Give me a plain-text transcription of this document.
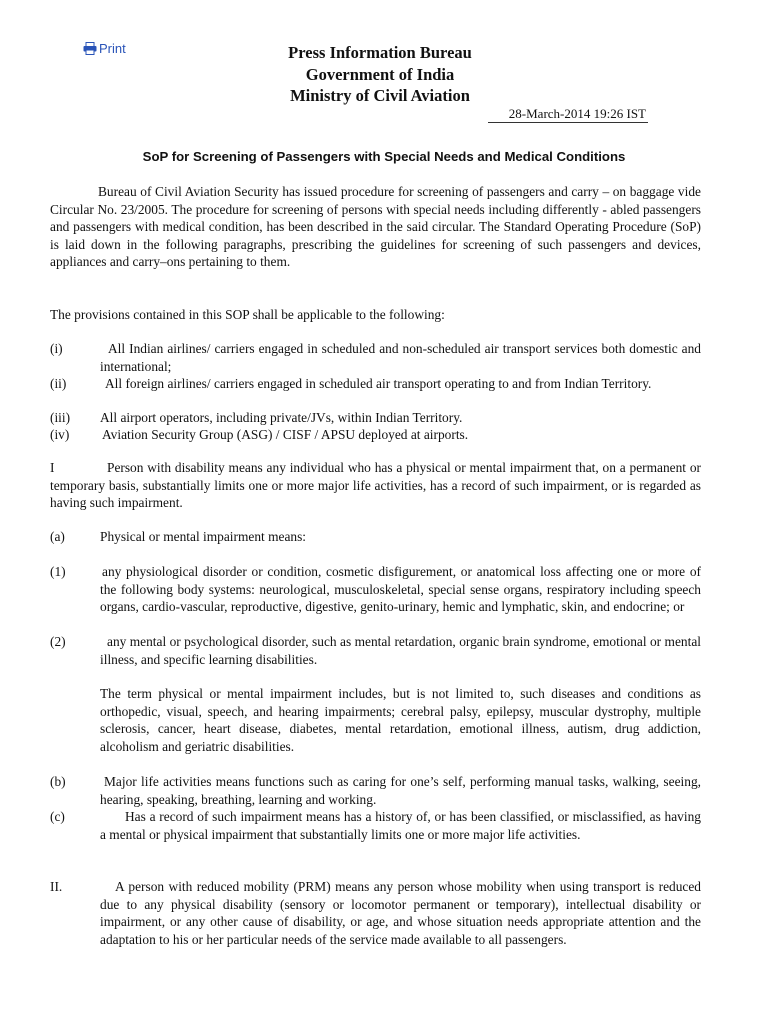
Print	Press Information Bureau
Government of India
Ministry of Civil Aviation
28-March-2014 19:26 IST
SoP for Screening of Passengers with Special Needs and Medical Conditions
Bureau of Civil Aviation Security has issued procedure for screening of passengers and carry – on baggage vide Circular No. 23/2005. The procedure for screening of persons with special needs including differently - abled passengers and passengers with medical condition, has been described in the said circular. The Standard Operating Procedure (SoP) is laid down in the following paragraphs, prescribing the guidelines for screening of such passengers and devices, appliances and carry–ons pertaining to them.
The provisions contained in this SOP shall be applicable to the following:
(i)	All Indian airlines/ carriers engaged in scheduled and non-scheduled air transport services both domestic and international;
(ii)	All foreign airlines/ carriers engaged in scheduled air transport operating to and from Indian Territory.
(iii) All airport operators, including private/JVs, within Indian Territory.
(iv) Aviation Security Group (ASG) / CISF / APSU deployed at airports.
I	Person with disability means any individual who has a physical or mental impairment that, on a permanent or temporary basis, substantially limits one or more major life activities, has a record of such impairment, or is regarded as having such impairment.
(a)	Physical or mental impairment means:
(1)	any physiological disorder or condition, cosmetic disfigurement, or anatomical loss affecting one or more of the following body systems: neurological, musculoskeletal, special sense organs, respiratory including speech organs, cardio-vascular, reproductive, digestive, genito-urinary, hemic and lymphatic, skin, and endocrine; or
(2)	any mental or psychological disorder, such as mental retardation, organic brain syndrome, emotional or mental illness, and specific learning disabilities.
The term physical or mental impairment includes, but is not limited to, such diseases and conditions as orthopedic, visual, speech, and hearing impairments; cerebral palsy, epilepsy, muscular dystrophy, multiple sclerosis, cancer, heart disease, diabetes, mental retardation, emotional illness, autism, drug addiction, alcoholism and geriatric disabilities.
(b)	Major life activities means functions such as caring for one’s self, performing manual tasks, walking, seeing, hearing, speaking, breathing, learning and working.
(c)	Has a record of such impairment means has a history of, or has been classified, or misclassified, as having a mental or physical impairment that substantially limits one or more major life activities.
II.	A person with reduced mobility (PRM) means any person whose mobility when using transport is reduced due to any physical disability (sensory or locomotor permanent or temporary), intellectual disability or impairment, or any other cause of disability, or age, and whose situation needs appropriate attention and the adaptation to his or her particular needs of the service made available to all passengers.
